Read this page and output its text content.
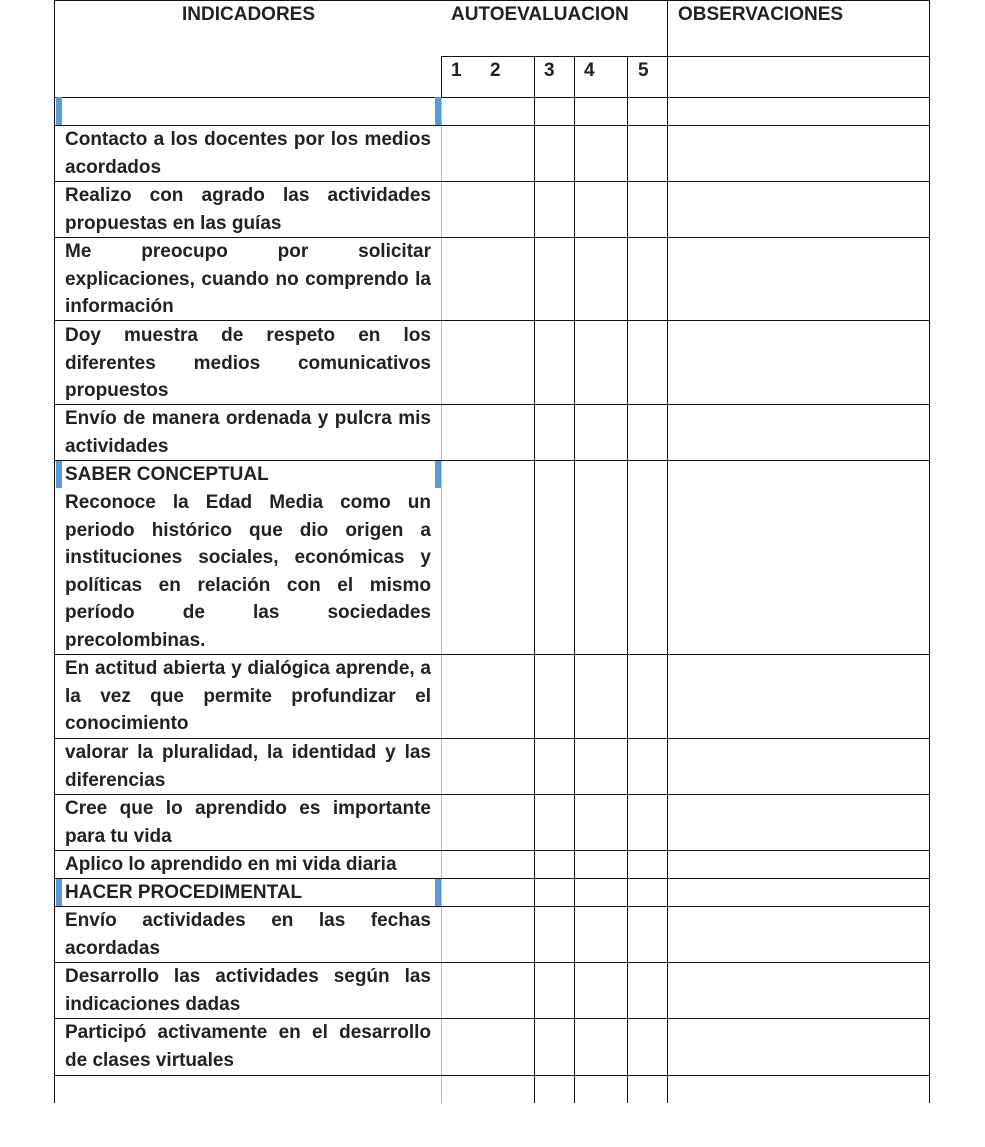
INDICADORES	AUTOEVALUACION	OBSERVACIONES
1 2 3 4 5
Contacto a los docentes por los medios acordados
Realizo con agrado las actividades propuestas en las guías
Me preocupo por solicitar explicaciones, cuando no comprendo la información
Doy muestra de respeto en los diferentes medios comunicativos propuestos
Envío de manera ordenada y pulcra mis actividades
SABER CONCEPTUAL
Reconoce la Edad Media como un periodo histórico que dio origen a instituciones sociales, económicas y políticas en relación con el mismo período de las sociedades precolombinas.
En actitud abierta y dialógica aprende, a la vez que permite profundizar el conocimiento
valorar la pluralidad, la identidad y las diferencias
Cree que lo aprendido es importante para tu vida
Aplico lo aprendido en mi vida diaria
HACER PROCEDIMENTAL
Envío actividades en las fechas acordadas
Desarrollo las actividades según las indicaciones dadas
Participó activamente en el desarrollo de clases virtuales
